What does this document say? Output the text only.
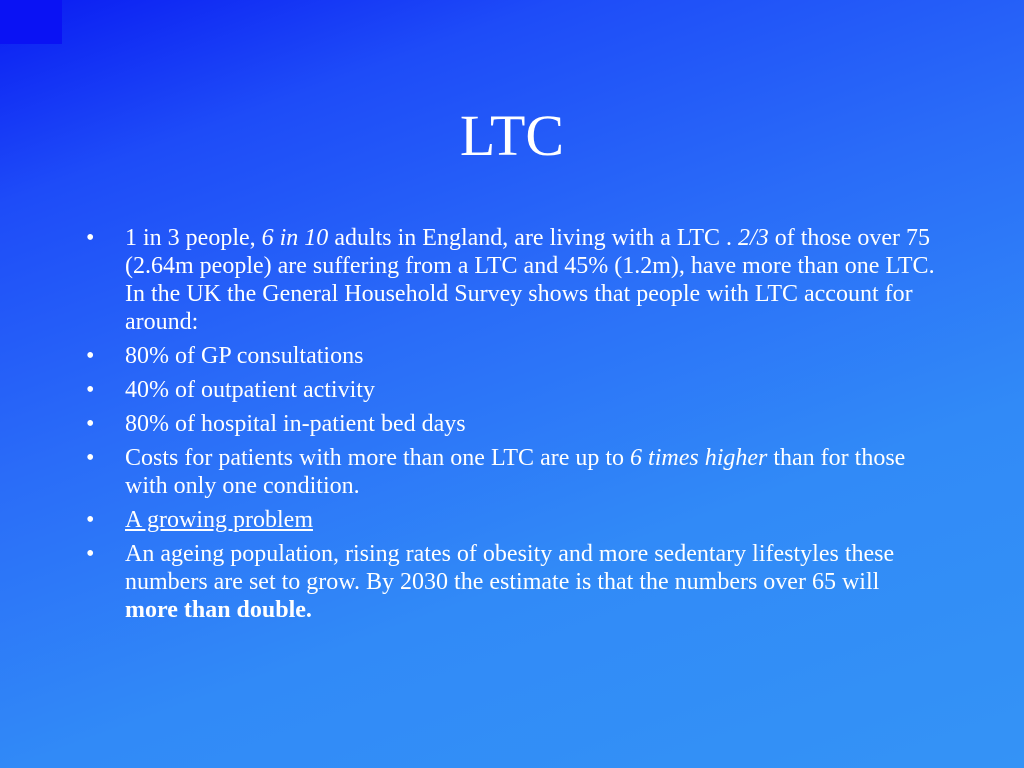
LTC
•	1 in 3 people, 6 in 10 adults in England, are living with a LTC . 2/3 of those over 75 (2.64m people) are suffering from a LTC and 45% (1.2m), have more than one LTC. In the UK the General Household Survey shows that people with LTC account for around:
•	80% of GP consultations
•	40% of outpatient activity
•	80% of hospital in-patient bed days
•	Costs for patients with more than one LTC are up to 6 times higher than for those with only one condition.
•	A growing problem
•	An ageing population, rising rates of obesity and more sedentary lifestyles these numbers are set to grow. By 2030 the estimate is that the numbers over 65 will more than double.
